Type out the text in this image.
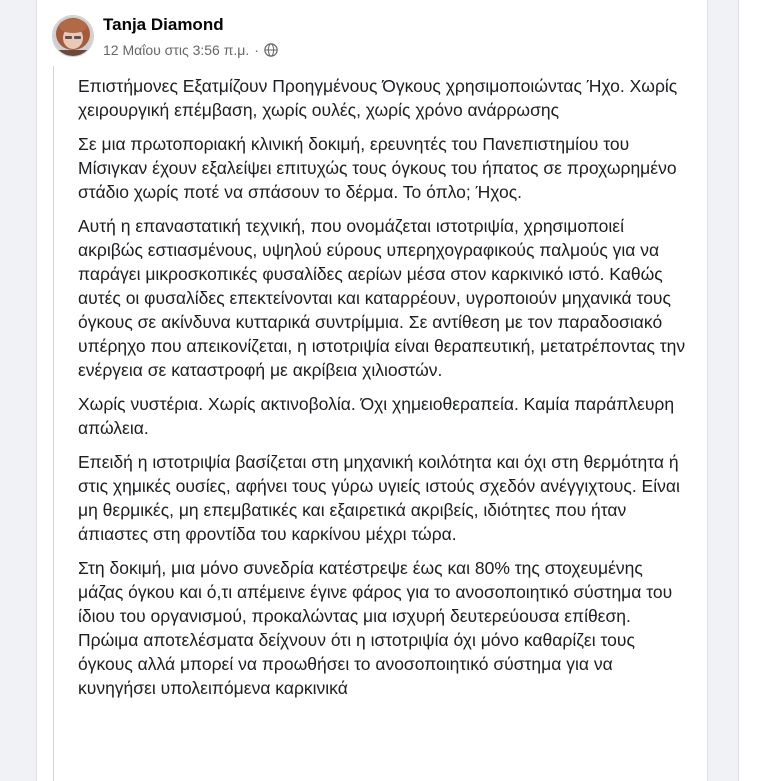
Tanja Diamond
12 Μαΐου στις 3:56 π.μ. ·

Επιστήμονες Εξατμίζουν Προηγμένους Όγκους χρησιμοποιώντας Ήχο. Χωρίς χειρουργική επέμβαση, χωρίς ουλές, χωρίς χρόνο ανάρρωσης

Σε μια πρωτοποριακή κλινική δοκιμή, ερευνητές του Πανεπιστημίου του Μίσιγκαν έχουν εξαλείψει επιτυχώς τους όγκους του ήπατος σε προχωρημένο στάδιο χωρίς ποτέ να σπάσουν το δέρμα. Το όπλο; Ήχος.

Αυτή η επαναστατική τεχνική, που ονομάζεται ιστοτριψία, χρησιμοποιεί ακριβώς εστιασμένους, υψηλού εύρους υπερηχογραφικούς παλμούς για να παράγει μικροσκοπικές φυσαλίδες αερίων μέσα στον καρκινικό ιστό. Καθώς αυτές οι φυσαλίδες επεκτείνονται και καταρρέουν, υγροποιούν μηχανικά τους όγκους σε ακίνδυνα κυτταρικά συντρίμμια. Σε αντίθεση με τον παραδοσιακό υπέρηχο που απεικονίζεται, η ιστοτριψία είναι θεραπευτική, μετατρέποντας την ενέργεια σε καταστροφή με ακρίβεια χιλιοστών.

Χωρίς νυστέρια. Χωρίς ακτινοβολία. Όχι χημειοθεραπεία. Καμία παράπλευρη απώλεια.

Επειδή η ιστοτριψία βασίζεται στη μηχανική κοιλότητα και όχι στη θερμότητα ή στις χημικές ουσίες, αφήνει τους γύρω υγιείς ιστούς σχεδόν ανέγγιχτους. Είναι μη θερμικές, μη επεμβατικές και εξαιρετικά ακριβείς, ιδιότητες που ήταν άπιαστες στη φροντίδα του καρκίνου μέχρι τώρα.

Στη δοκιμή, μια μόνο συνεδρία κατέστρεψε έως και 80% της στοχευμένης μάζας όγκου και ό,τι απέμεινε έγινε φάρος για το ανοσοποιητικό σύστημα του ίδιου του οργανισμού, προκαλώντας μια ισχυρή δευτερεύουσα επίθεση. Πρώιμα αποτελέσματα δείχνουν ότι η ιστοτριψία όχι μόνο καθαρίζει τους όγκους αλλά μπορεί να προωθήσει το ανοσοποιητικό σύστημα για να κυνηγήσει υπολειπόμενα καρκινικά
